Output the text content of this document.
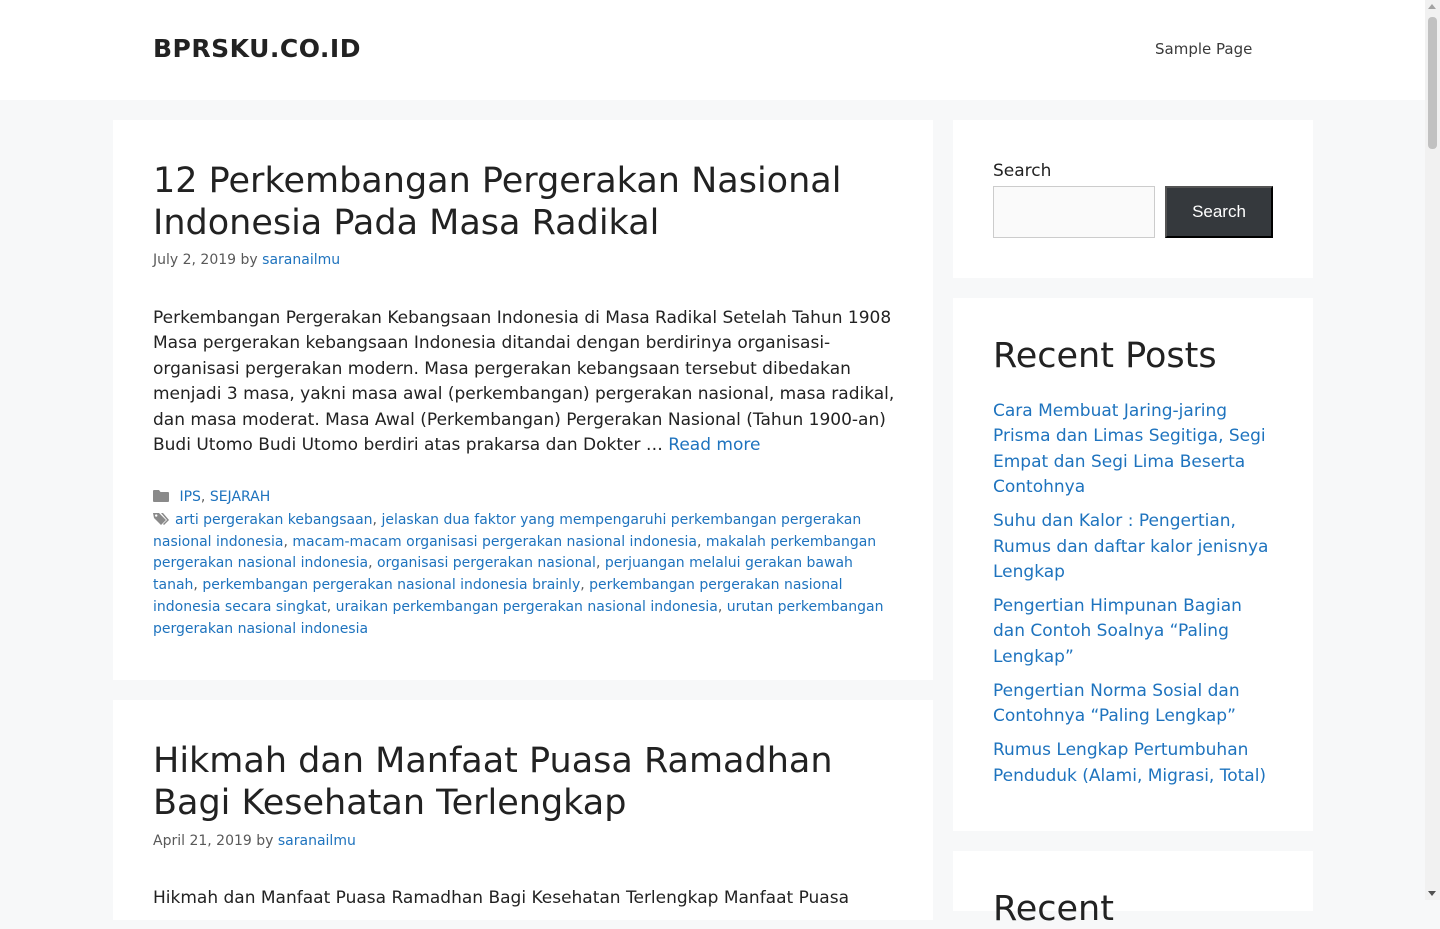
BPRSKU.CO.ID	Sample Page
12 Perkembangan Pergerakan Nasional Indonesia Pada Masa Radikal
July 2, 2019 by saranailmu

Perkembangan Pergerakan Kebangsaan Indonesia di Masa Radikal Setelah Tahun 1908 Masa pergerakan kebangsaan Indonesia ditandai dengan berdirinya organisasi-organisasi pergerakan modern. Masa pergerakan kebangsaan tersebut dibedakan menjadi 3 masa, yakni masa awal (perkembangan) pergerakan nasional, masa radikal, dan masa moderat. Masa Awal (Perkembangan) Pergerakan Nasional (Tahun 1900-an) Budi Utomo Budi Utomo berdiri atas prakarsa dan Dokter … Read more

IPS, SEJARAH
arti pergerakan kebangsaan, jelaskan dua faktor yang mempengaruhi perkembangan pergerakan nasional indonesia, macam-macam organisasi pergerakan nasional indonesia, makalah perkembangan pergerakan nasional indonesia, organisasi pergerakan nasional, perjuangan melalui gerakan bawah tanah, perkembangan pergerakan nasional indonesia brainly, perkembangan pergerakan nasional indonesia secara singkat, uraikan perkembangan pergerakan nasional indonesia, urutan perkembangan pergerakan nasional indonesia
Hikmah dan Manfaat Puasa Ramadhan Bagi Kesehatan Terlengkap
April 21, 2019 by saranailmu

Hikmah dan Manfaat Puasa Ramadhan Bagi Kesehatan Terlengkap Manfaat Puasa

Search
Search
Recent Posts
Cara Membuat Jaring-jaring Prisma dan Limas Segitiga, Segi Empat dan Segi Lima Beserta Contohnya
Suhu dan Kalor : Pengertian, Rumus dan daftar kalor jenisnya Lengkap
Pengertian Himpunan Bagian dan Contoh Soalnya “Paling Lengkap”
Pengertian Norma Sosial dan Contohnya “Paling Lengkap”
Rumus Lengkap Pertumbuhan Penduduk (Alami, Migrasi, Total)
Recent
